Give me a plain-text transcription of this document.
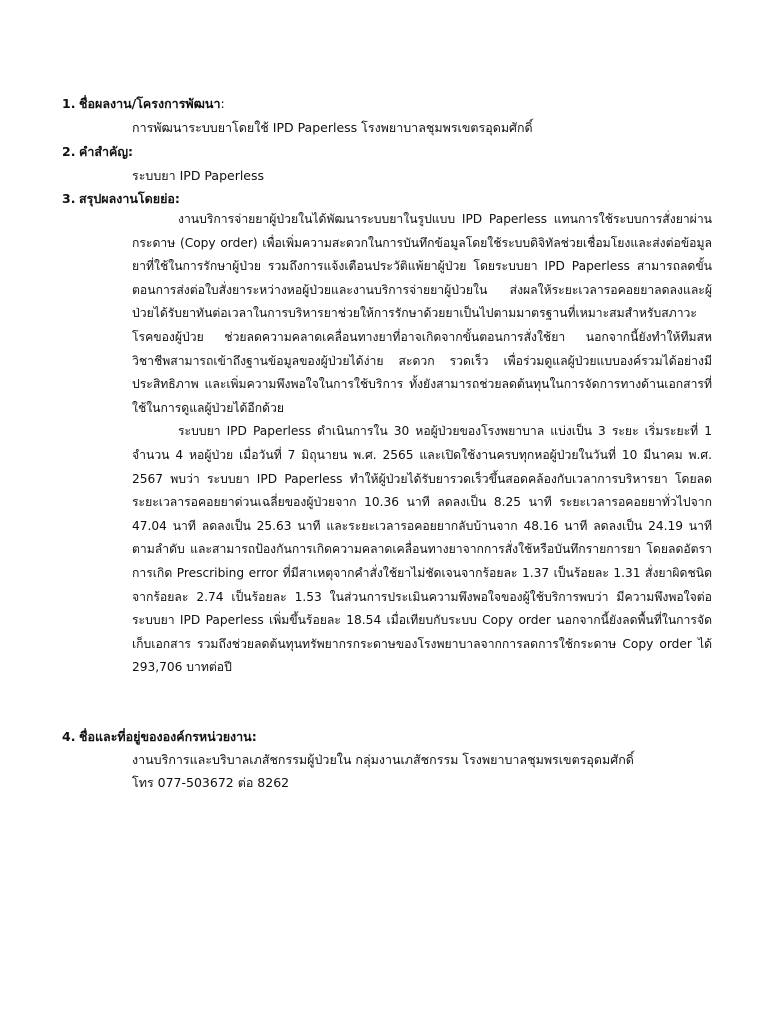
1. ชื่อผลงาน/โครงการพัฒนา:
การพัฒนาระบบยาโดยใช้ IPD Paperless โรงพยาบาลชุมพรเขตรอุดมศักดิ์
2. คำสำคัญ:
ระบบยา IPD Paperless
3. สรุปผลงานโดยย่อ:

งานบริการจ่ายยาผู้ป่วยในได้พัฒนาระบบยาในรูปแบบ IPD Paperless แทนการใช้ระบบการสั่งยาผ่านกระดาษ (Copy order) เพื่อเพิ่มความสะดวกในการบันทึกข้อมูลโดยใช้ระบบดิจิทัลช่วยเชื่อมโยงและส่งต่อข้อมูลยาที่ใช้ในการรักษาผู้ป่วย รวมถึงการแจ้งเตือนประวัติแพ้ยาผู้ป่วย โดยระบบยา IPD Paperless สามารถลดขั้นตอนการส่งต่อใบสั่งยาระหว่างหอผู้ป่วยและงานบริการจ่ายยาผู้ป่วยใน ส่งผลให้ระยะเวลารอคอยยาลดลงและผู้ป่วยได้รับยาทันต่อเวลาในการบริหารยาช่วยให้การรักษาด้วยยาเป็นไปตามมาตรฐานที่เหมาะสมสำหรับสภาวะโรคของผู้ป่วย ช่วยลดความคลาดเคลื่อนทางยาที่อาจเกิดจากขั้นตอนการสั่งใช้ยา นอกจากนี้ยังทำให้ทีมสหวิชาชีพสามารถเข้าถึงฐานข้อมูลของผู้ป่วยได้ง่าย สะดวก รวดเร็ว เพื่อร่วมดูแลผู้ป่วยแบบองค์รวมได้อย่างมีประสิทธิภาพ และเพิ่มความพึงพอใจในการใช้บริการ ทั้งยังสามารถช่วยลดต้นทุนในการจัดการทางด้านเอกสารที่ใช้ในการดูแลผู้ป่วยได้อีกด้วย

ระบบยา IPD Paperless ดำเนินการใน 30 หอผู้ป่วยของโรงพยาบาล แบ่งเป็น 3 ระยะ เริ่มระยะที่ 1 จำนวน 4 หอผู้ป่วย เมื่อวันที่ 7 มิถุนายน พ.ศ. 2565 และเปิดใช้งานครบทุกหอผู้ป่วยในวันที่ 10 มีนาคม พ.ศ. 2567 พบว่า ระบบยา IPD Paperless ทำให้ผู้ป่วยได้รับยารวดเร็วขึ้นสอดคล้องกับเวลาการบริหารยา โดยลดระยะเวลารอคอยยาด่วนเฉลี่ยของผู้ป่วยจาก 10.36 นาที ลดลงเป็น 8.25 นาที ระยะเวลารอคอยยาทั่วไปจาก 47.04 นาที ลดลงเป็น 25.63 นาที และระยะเวลารอคอยยากลับบ้านจาก 48.16 นาที ลดลงเป็น 24.19 นาทีตามลำดับ และสามารถป้องกันการเกิดความคลาดเคลื่อนทางยาจากการสั่งใช้หรือบันทึกรายการยา โดยลดอัตราการเกิด Prescribing error ที่มีสาเหตุจากคำสั่งใช้ยาไม่ชัดเจนจากร้อยละ 1.37 เป็นร้อยละ 1.31 สั่งยาผิดชนิดจากร้อยละ 2.74 เป็นร้อยละ 1.53 ในส่วนการประเมินความพึงพอใจของผู้ใช้บริการพบว่า มีความพึงพอใจต่อระบบยา IPD Paperless เพิ่มขึ้นร้อยละ 18.54 เมื่อเทียบกับระบบ Copy order นอกจากนี้ยังลดพื้นที่ในการจัดเก็บเอกสาร รวมถึงช่วยลดต้นทุนทรัพยากรกระดาษของโรงพยาบาลจากการลดการใช้กระดาษ Copy order ได้ 293,706 บาทต่อปี

4. ชื่อและที่อยู่ขององค์กรหน่วยงาน:
งานบริการและบริบาลเภสัชกรรมผู้ป่วยใน กลุ่มงานเภสัชกรรม โรงพยาบาลชุมพรเขตรอุดมศักดิ์
โทร 077-503672 ต่อ 8262
